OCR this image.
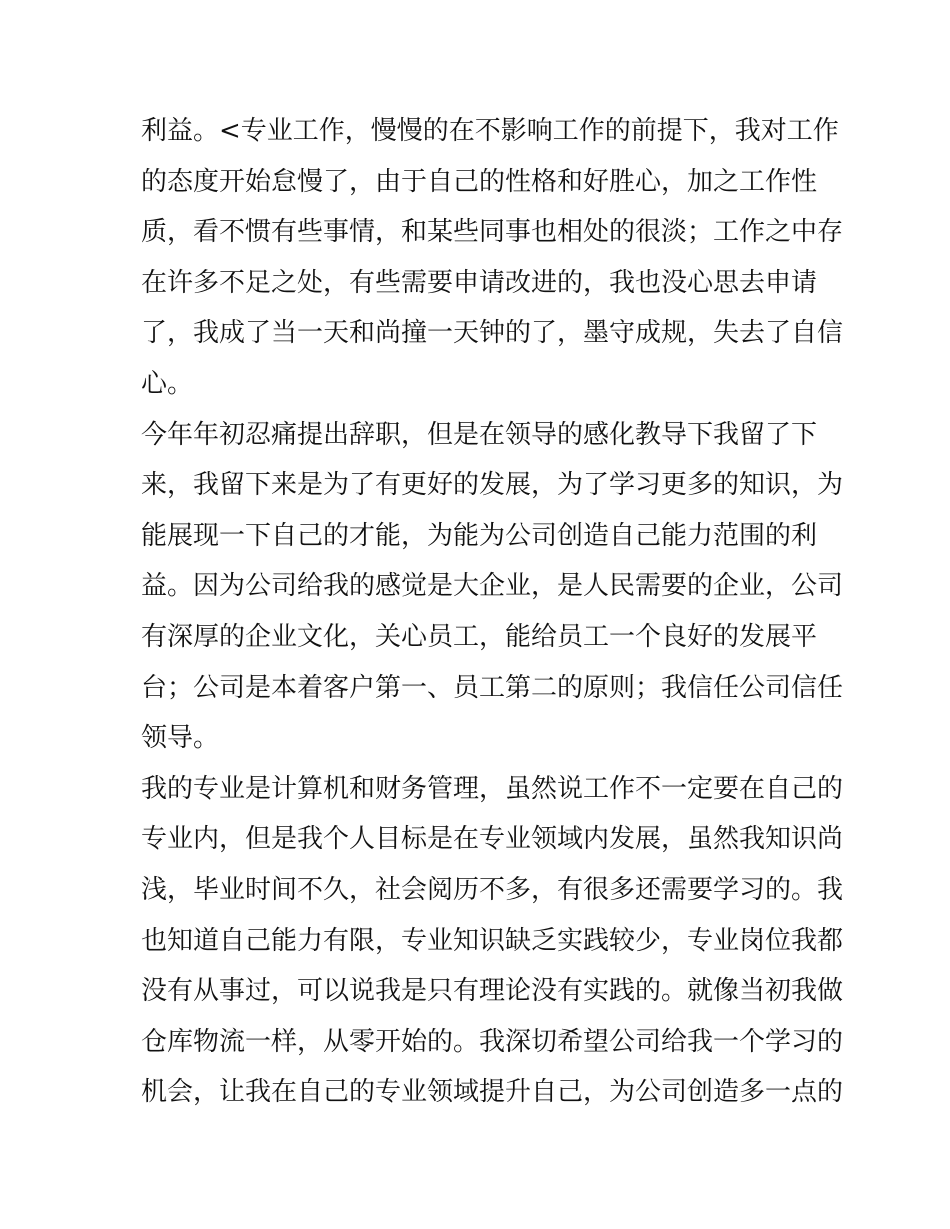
利益。<专业工作，慢慢的在不影响工作的前提下，我对工作
的态度开始怠慢了，由于自己的性格和好胜心，加之工作性
质，看不惯有些事情，和某些同事也相处的很淡；工作之中存
在许多不足之处，有些需要申请改进的，我也没心思去申请
了，我成了当一天和尚撞一天钟的了，墨守成规，失去了自信
心。
今年年初忍痛提出辞职，但是在领导的感化教导下我留了下
来，我留下来是为了有更好的发展，为了学习更多的知识，为
能展现一下自己的才能，为能为公司创造自己能力范围的利
益。因为公司给我的感觉是大企业，是人民需要的企业，公司
有深厚的企业文化，关心员工，能给员工一个良好的发展平
台；公司是本着客户第一、员工第二的原则；我信任公司信任
领导。
我的专业是计算机和财务管理，虽然说工作不一定要在自己的
专业内，但是我个人目标是在专业领域内发展，虽然我知识尚
浅，毕业时间不久，社会阅历不多，有很多还需要学习的。我
也知道自己能力有限，专业知识缺乏实践较少，专业岗位我都
没有从事过，可以说我是只有理论没有实践的。就像当初我做
仓库物流一样，从零开始的。我深切希望公司给我一个学习的
机会，让我在自己的专业领域提升自己，为公司创造多一点的
